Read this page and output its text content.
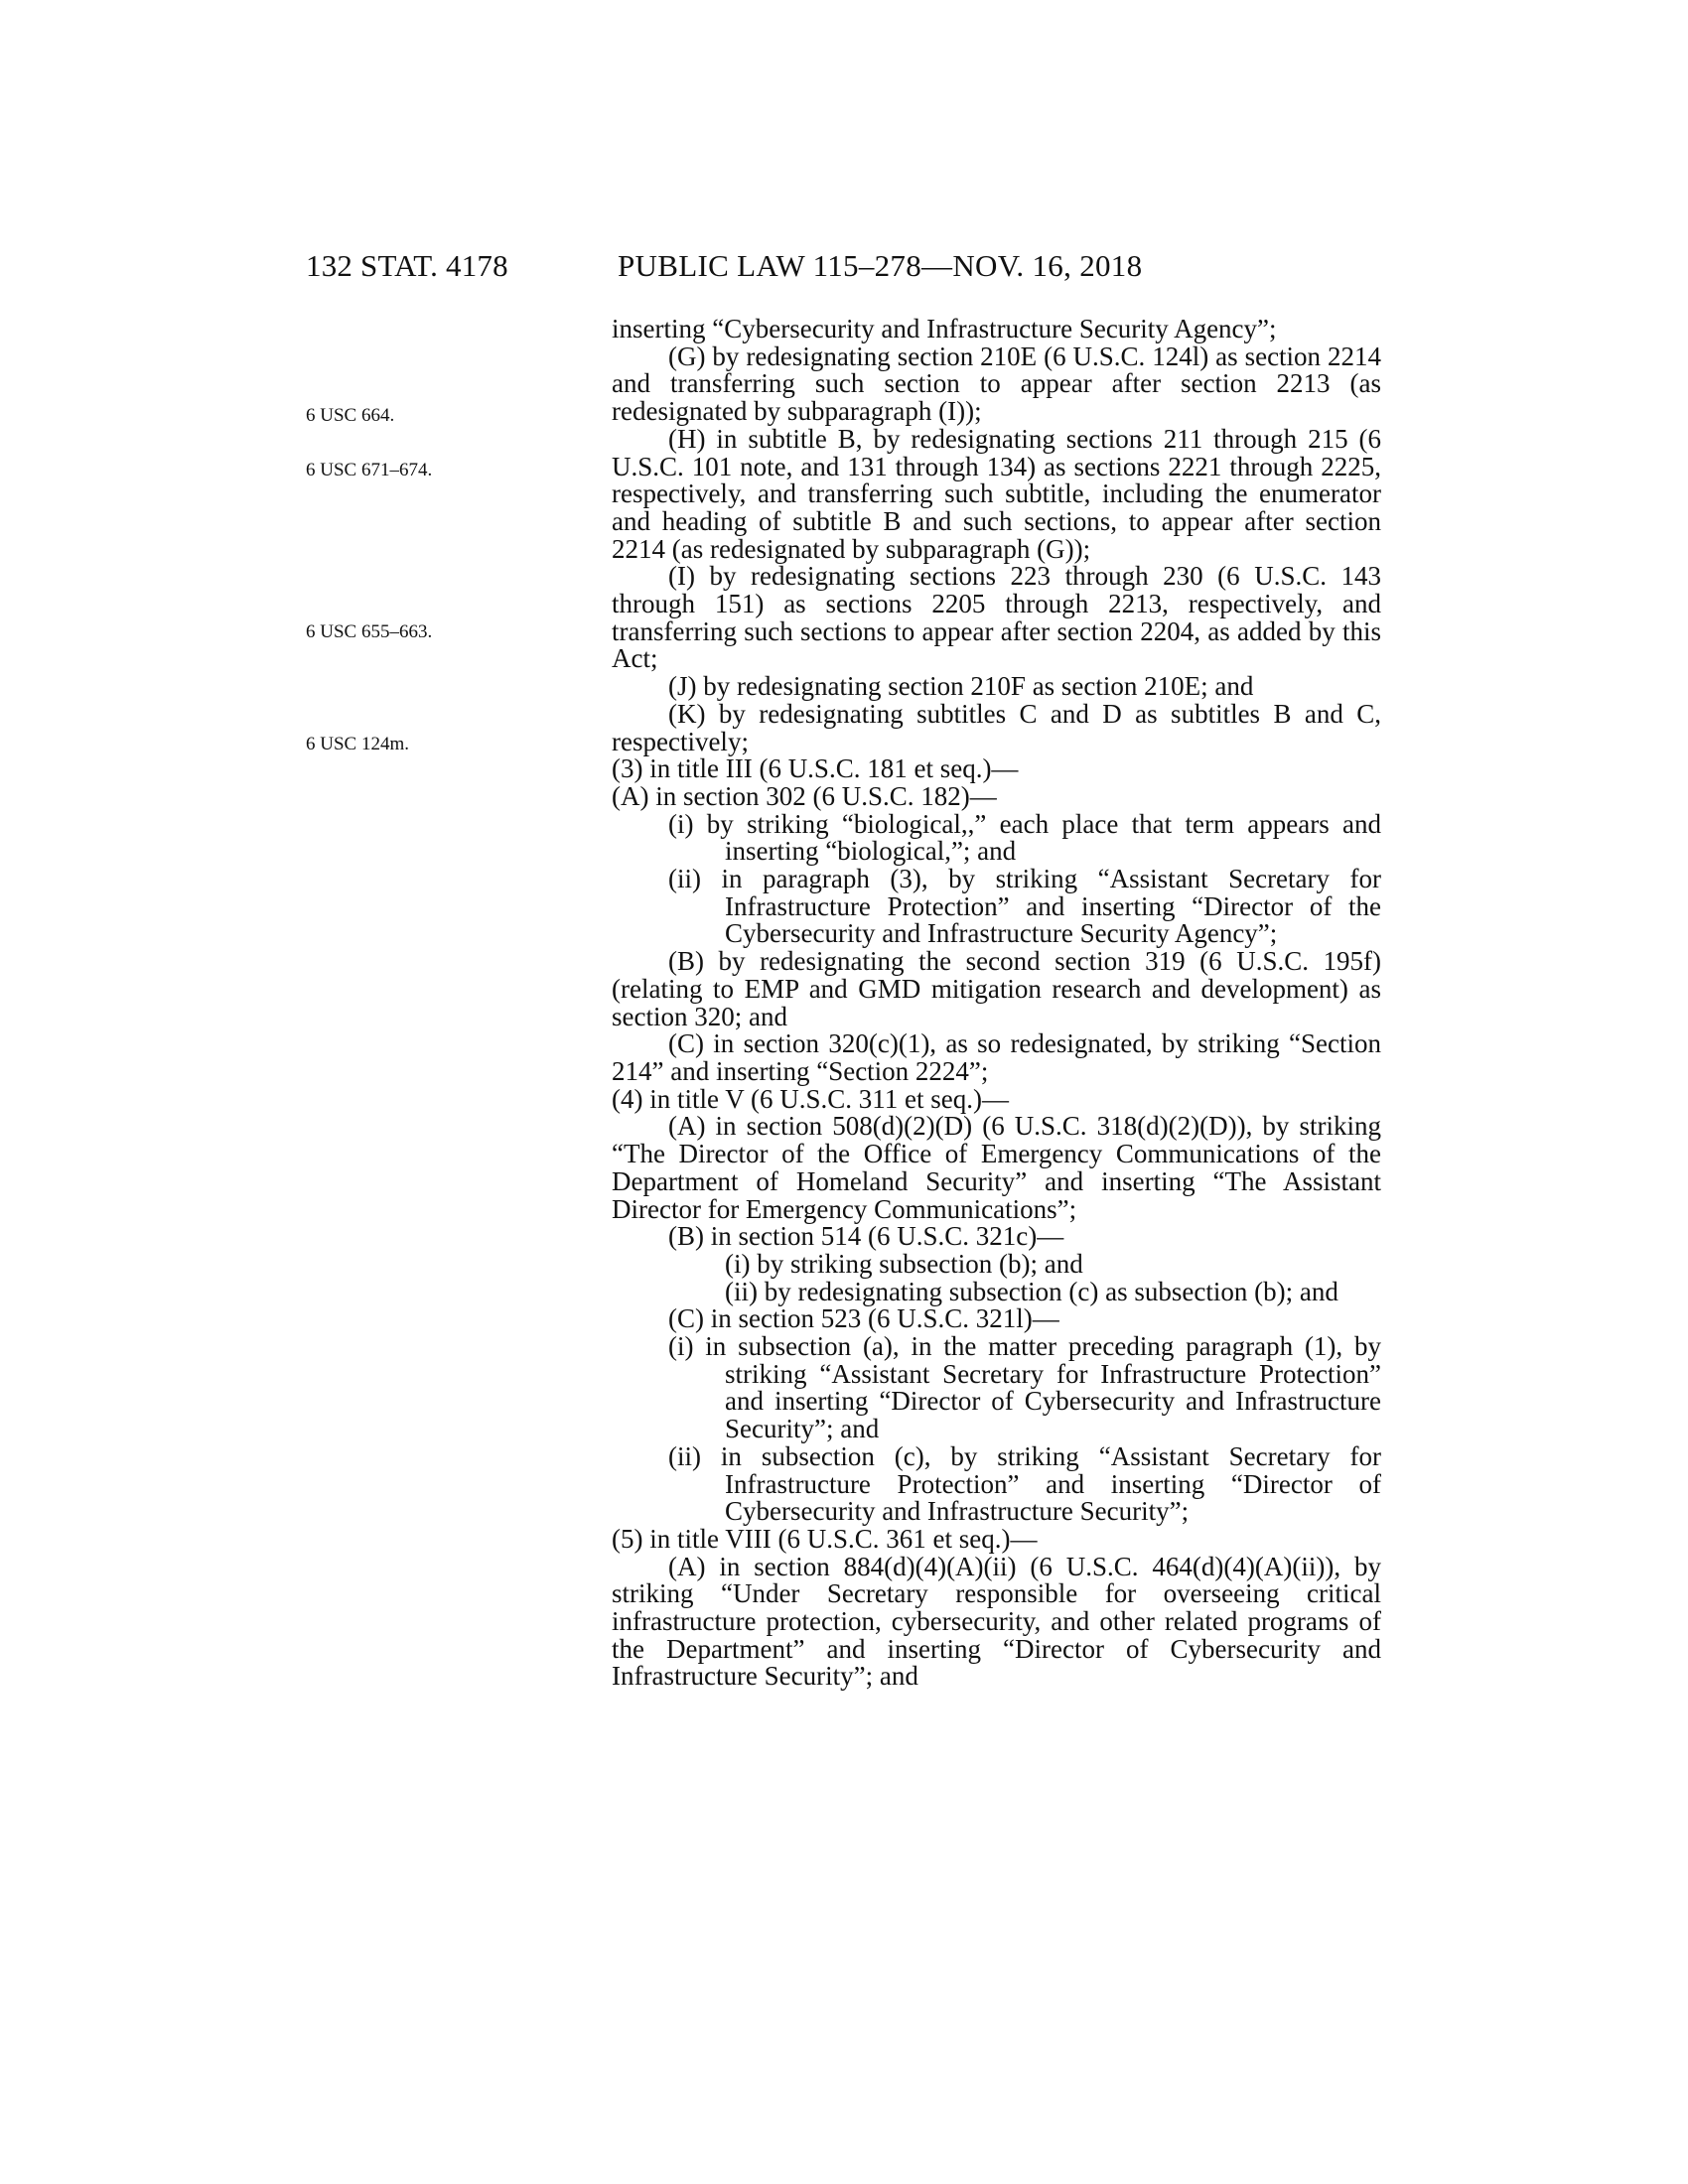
132 STAT. 4178	PUBLIC LAW 115–278—NOV. 16, 2018
6 USC 664.
6 USC 671–674.
6 USC 655–663.
6 USC 124m.

inserting “Cybersecurity and Infrastructure Security Agency”;

(G) by redesignating section 210E (6 U.S.C. 124l) as section 2214 and transferring such section to appear after section 2213 (as redesignated by subparagraph (I));

(H) in subtitle B, by redesignating sections 211 through 215 (6 U.S.C. 101 note, and 131 through 134) as sections 2221 through 2225, respectively, and transferring such subtitle, including the enumerator and heading of subtitle B and such sections, to appear after section 2214 (as redesignated by subparagraph (G));

(I) by redesignating sections 223 through 230 (6 U.S.C. 143 through 151) as sections 2205 through 2213, respectively, and transferring such sections to appear after section 2204, as added by this Act;

(J) by redesignating section 210F as section 210E; and

(K) by redesignating subtitles C and D as subtitles B and C, respectively;

(3) in title III (6 U.S.C. 181 et seq.)—

(A) in section 302 (6 U.S.C. 182)—

(i) by striking “biological,,” each place that term appears and inserting “biological,”; and

(ii) in paragraph (3), by striking “Assistant Secretary for Infrastructure Protection” and inserting “Director of the Cybersecurity and Infrastructure Security Agency”;

(B) by redesignating the second section 319 (6 U.S.C. 195f) (relating to EMP and GMD mitigation research and development) as section 320; and

(C) in section 320(c)(1), as so redesignated, by striking “Section 214” and inserting “Section 2224”;

(4) in title V (6 U.S.C. 311 et seq.)—

(A) in section 508(d)(2)(D) (6 U.S.C. 318(d)(2)(D)), by striking “The Director of the Office of Emergency Communications of the Department of Homeland Security” and inserting “The Assistant Director for Emergency Communications”;

(B) in section 514 (6 U.S.C. 321c)—

(i) by striking subsection (b); and

(ii) by redesignating subsection (c) as subsection (b); and

(C) in section 523 (6 U.S.C. 321l)—

(i) in subsection (a), in the matter preceding paragraph (1), by striking “Assistant Secretary for Infrastructure Protection” and inserting “Director of Cybersecurity and Infrastructure Security”; and

(ii) in subsection (c), by striking “Assistant Secretary for Infrastructure Protection” and inserting “Director of Cybersecurity and Infrastructure Security”;

(5) in title VIII (6 U.S.C. 361 et seq.)—

(A) in section 884(d)(4)(A)(ii) (6 U.S.C. 464(d)(4)(A)(ii)), by striking “Under Secretary responsible for overseeing critical infrastructure protection, cybersecurity, and other related programs of the Department” and inserting “Director of Cybersecurity and Infrastructure Security”; and
